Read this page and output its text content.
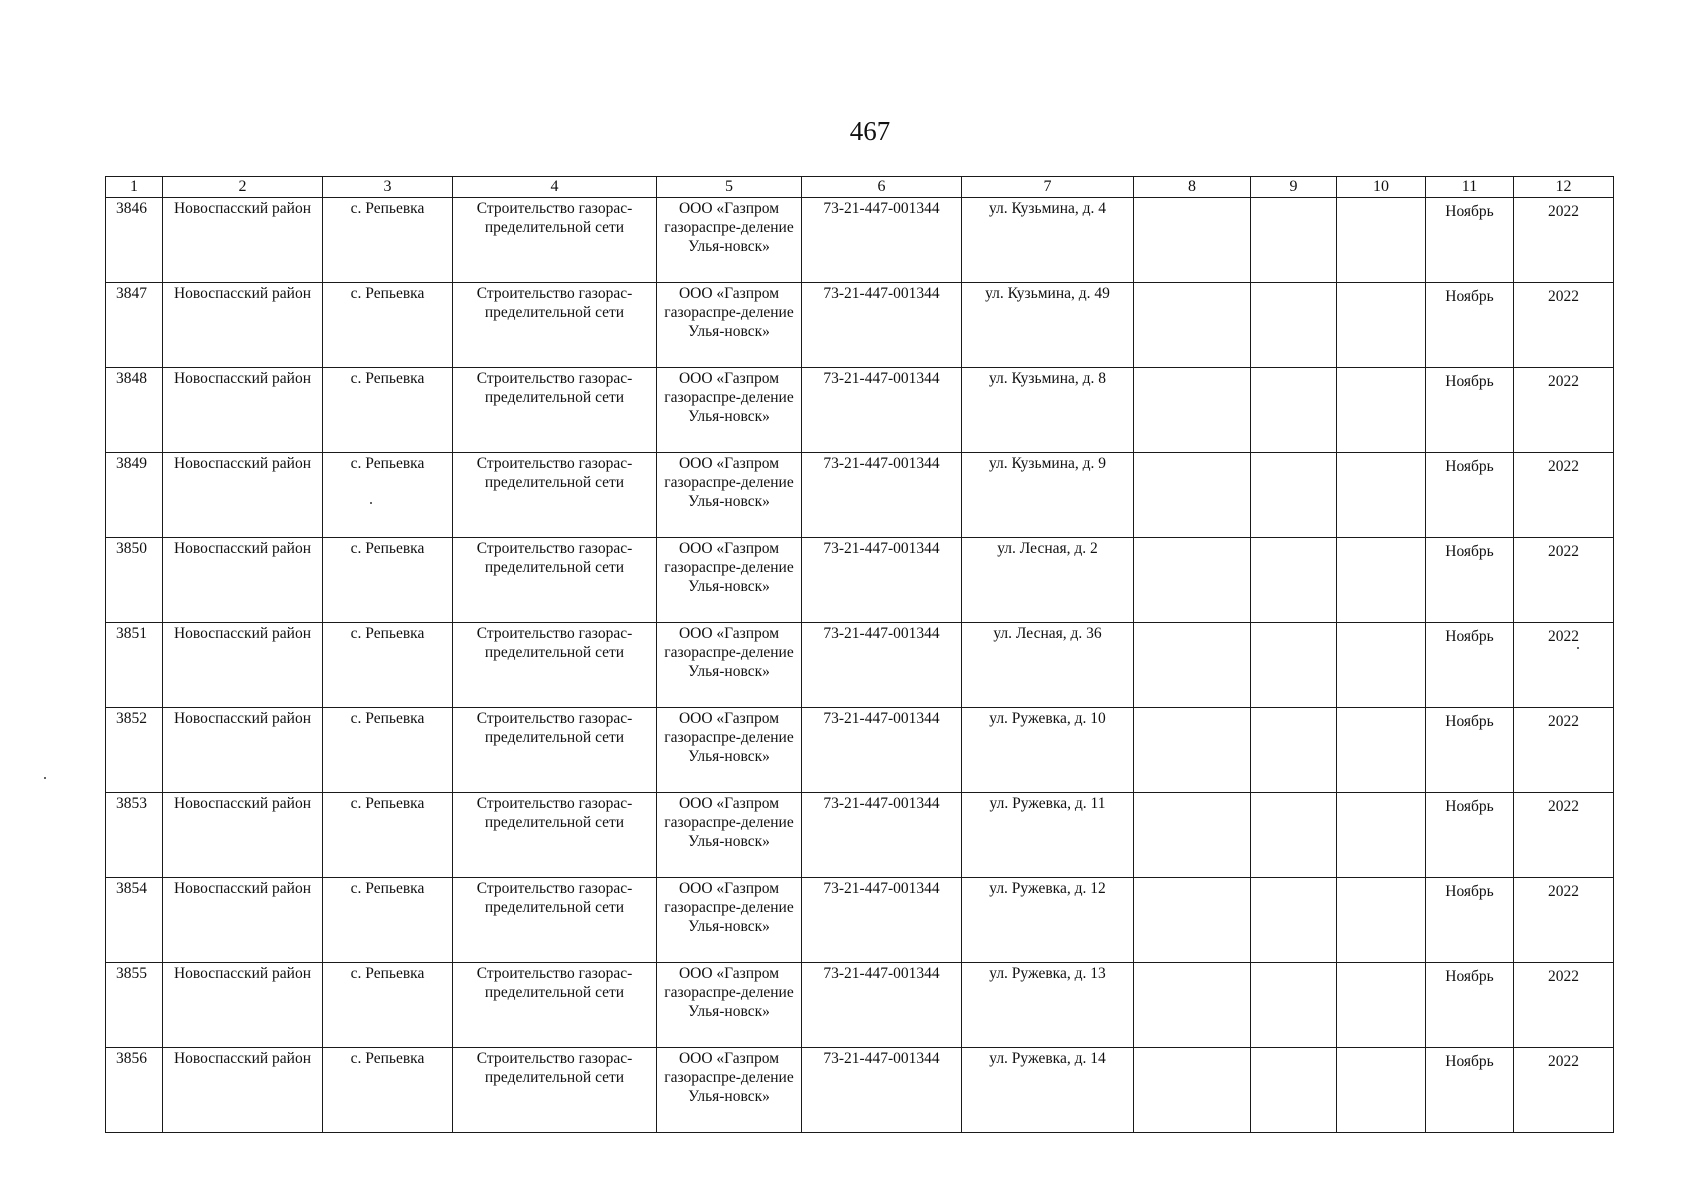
467
1	2	3	4	5	6	7	8	9	10	11	12
3846	Новоспасский район	с. Репьевка	Строительство газорас-пределительной сети	ООО «Газпром газораспре-деление Улья-новск»	73-21-447-001344	ул. Кузьмина, д. 4				Ноябрь	2022
3847	Новоспасский район	с. Репьевка	Строительство газорас-пределительной сети	ООО «Газпром газораспре-деление Улья-новск»	73-21-447-001344	ул. Кузьмина, д. 49				Ноябрь	2022
3848	Новоспасский район	с. Репьевка	Строительство газорас-пределительной сети	ООО «Газпром газораспре-деление Улья-новск»	73-21-447-001344	ул. Кузьмина, д. 8				Ноябрь	2022
3849	Новоспасский район	с. Репьевка	Строительство газорас-пределительной сети	ООО «Газпром газораспре-деление Улья-новск»	73-21-447-001344	ул. Кузьмина, д. 9				Ноябрь	2022
3850	Новоспасский район	с. Репьевка	Строительство газорас-пределительной сети	ООО «Газпром газораспре-деление Улья-новск»	73-21-447-001344	ул. Лесная, д. 2				Ноябрь	2022
3851	Новоспасский район	с. Репьевка	Строительство газорас-пределительной сети	ООО «Газпром газораспре-деление Улья-новск»	73-21-447-001344	ул. Лесная, д. 36				Ноябрь	2022
3852	Новоспасский район	с. Репьевка	Строительство газорас-пределительной сети	ООО «Газпром газораспре-деление Улья-новск»	73-21-447-001344	ул. Ружевка, д. 10				Ноябрь	2022
3853	Новоспасский район	с. Репьевка	Строительство газорас-пределительной сети	ООО «Газпром газораспре-деление Улья-новск»	73-21-447-001344	ул. Ружевка, д. 11				Ноябрь	2022
3854	Новоспасский район	с. Репьевка	Строительство газорас-пределительной сети	ООО «Газпром газораспре-деление Улья-новск»	73-21-447-001344	ул. Ружевка, д. 12				Ноябрь	2022
3855	Новоспасский район	с. Репьевка	Строительство газорас-пределительной сети	ООО «Газпром газораспре-деление Улья-новск»	73-21-447-001344	ул. Ружевка, д. 13				Ноябрь	2022
3856	Новоспасский район	с. Репьевка	Строительство газорас-пределительной сети	ООО «Газпром газораспре-деление Улья-новск»	73-21-447-001344	ул. Ружевка, д. 14				Ноябрь	2022
